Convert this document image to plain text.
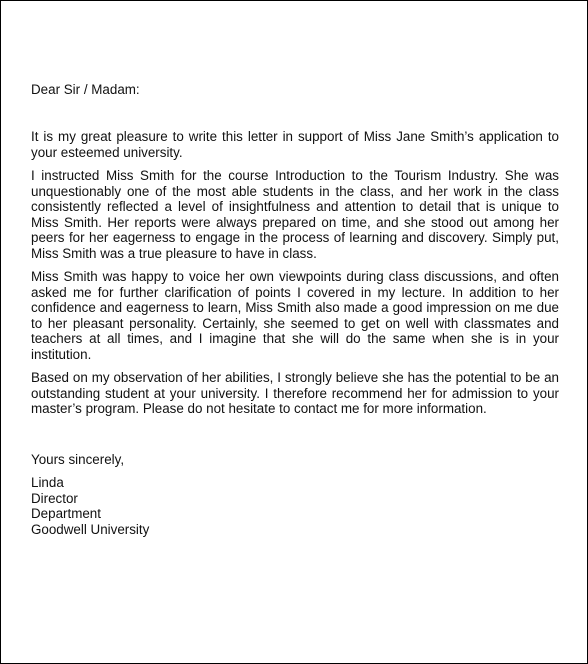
Dear Sir / Madam:

It is my great pleasure to write this letter in support of Miss Jane Smith’s application to your esteemed university.

I instructed Miss Smith for the course Introduction to the Tourism Industry. She was unquestionably one of the most able students in the class, and her work in the class consistently reflected a level of insightfulness and attention to detail that is unique to Miss Smith. Her reports were always prepared on time, and she stood out among her peers for her eagerness to engage in the process of learning and discovery. Simply put, Miss Smith was a true pleasure to have in class.

Miss Smith was happy to voice her own viewpoints during class discussions, and often asked me for further clarification of points I covered in my lecture. In addition to her confidence and eagerness to learn, Miss Smith also made a good impression on me due to her pleasant personality. Certainly, she seemed to get on well with classmates and teachers at all times, and I imagine that she will do the same when she is in your institution.

Based on my observation of her abilities, I strongly believe she has the potential to be an outstanding student at your university. I therefore recommend her for admission to your master’s program. Please do not hesitate to contact me for more information.

Yours sincerely,
Linda
Director
Department
Goodwell University
